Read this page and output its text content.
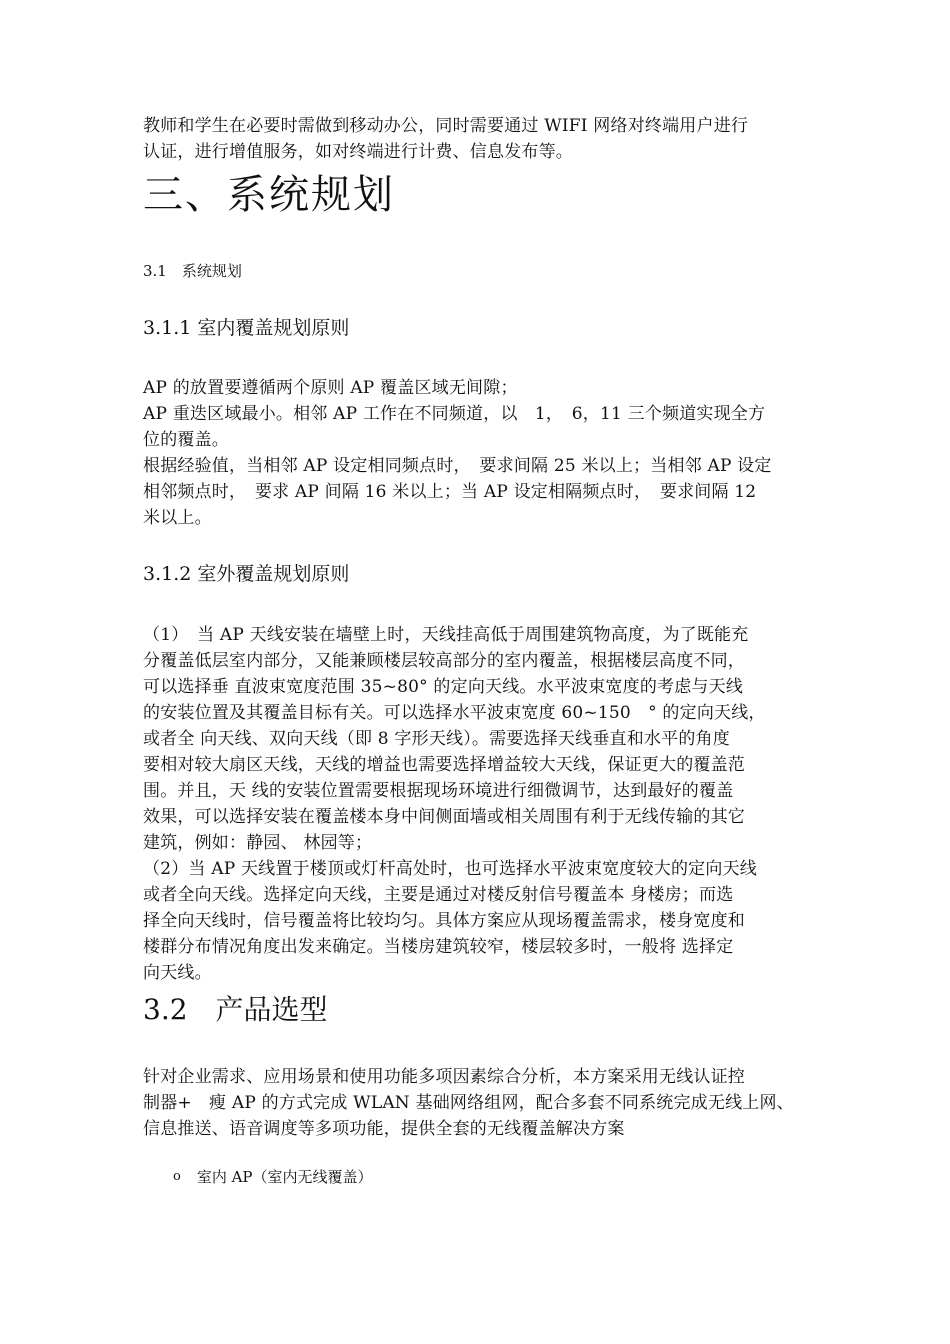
教师和学生在必要时需做到移动办公，同时需要通过 WIFI 网络对终端用户进行
认证，进行增值服务，如对终端进行计费、信息发布等。
三、系统规划
3.1　系统规划
3.1.1 室内覆盖规划原则
AP 的放置要遵循两个原则 AP 覆盖区域无间隙；
AP 重迭区域最小。相邻 AP 工作在不同频道，以　1，　6，11 三个频道实现全方
位的覆盖。
根据经验值，当相邻 AP 设定相同频点时，　要求间隔 25 米以上；当相邻 AP 设定
相邻频点时，　要求 AP 间隔 16 米以上；当 AP 设定相隔频点时，　要求间隔 12
米以上。
3.1.2 室外覆盖规划原则
（1）　当 AP 天线安装在墙壁上时，天线挂高低于周围建筑物高度，为了既能充
分覆盖低层室内部分，又能兼顾楼层较高部分的室内覆盖，根据楼层高度不同，
可以选择垂 直波束宽度范围 35~80° 的定向天线。水平波束宽度的考虑与天线
的安装位置及其覆盖目标有关。可以选择水平波束宽度 60~150　° 的定向天线，
或者全 向天线、双向天线（即 8 字形天线）。需要选择天线垂直和水平的角度
要相对较大扇区天线，天线的增益也需要选择增益较大天线，保证更大的覆盖范
围。并且，天 线的安装位置需要根据现场环境进行细微调节，达到最好的覆盖
效果，可以选择安装在覆盖楼本身中间侧面墙或相关周围有利于无线传输的其它
建筑，例如：静园、 林园等；
（2）当 AP 天线置于楼顶或灯杆高处时，也可选择水平波束宽度较大的定向天线
或者全向天线。选择定向天线，主要是通过对楼反射信号覆盖本 身楼房；而选
择全向天线时，信号覆盖将比较均匀。具体方案应从现场覆盖需求，楼身宽度和
楼群分布情况角度出发来确定。当楼房建筑较窄，楼层较多时，一般将 选择定
向天线。
3.2　产品选型
针对企业需求、应用场景和使用功能多项因素综合分析，本方案采用无线认证控
制器+　瘦 AP 的方式完成 WLAN 基础网络组网，配合多套不同系统完成无线上网、
信息推送、语音调度等多项功能，提供全套的无线覆盖解决方案
o 室内 AP（室内无线覆盖）
